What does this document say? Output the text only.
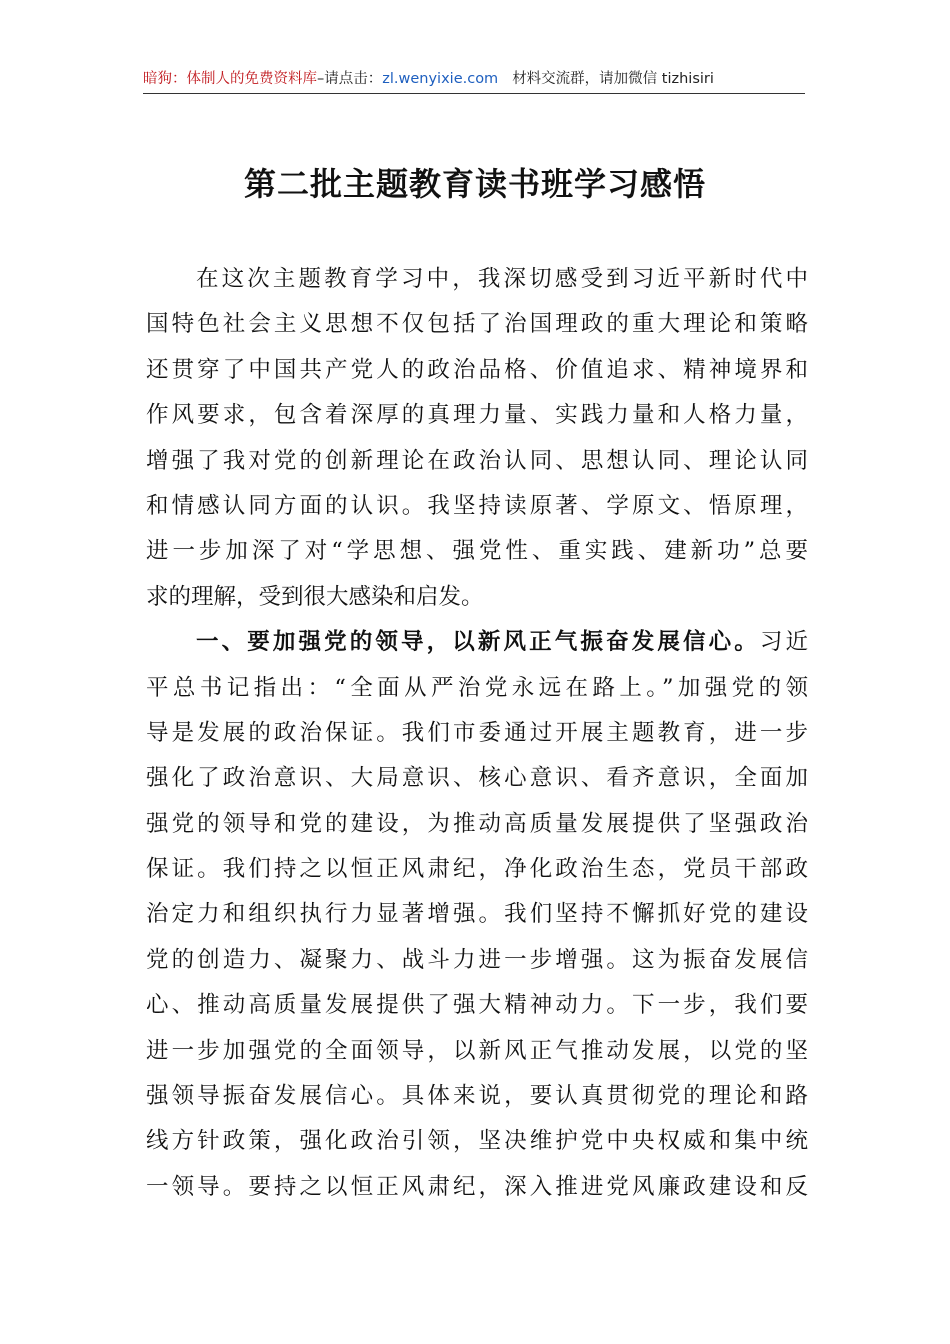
暗狗：体制人的免费资料库–请点击：zl.wenyixie.com 材料交流群，请加微信 tizhisiri
第二批主题教育读书班学习感悟
在这次主题教育学习中，我深切感受到习近平新时代中
国特色社会主义思想不仅包括了治国理政的重大理论和策略
还贯穿了中国共产党人的政治品格、价值追求、精神境界和
作风要求，包含着深厚的真理力量、实践力量和人格力量，
增强了我对党的创新理论在政治认同、思想认同、理论认同
和情感认同方面的认识。我坚持读原著、学原文、悟原理，
进一步加深了对“学思想、强党性、重实践、建新功”总要
求的理解，受到很大感染和启发。
一、要加强党的领导，以新风正气振奋发展信心。习近
平总书记指出：“全面从严治党永远在路上。”加强党的领
导是发展的政治保证。我们市委通过开展主题教育，进一步
强化了政治意识、大局意识、核心意识、看齐意识，全面加
强党的领导和党的建设，为推动高质量发展提供了坚强政治
保证。我们持之以恒正风肃纪，净化政治生态，党员干部政
治定力和组织执行力显著增强。我们坚持不懈抓好党的建设
党的创造力、凝聚力、战斗力进一步增强。这为振奋发展信
心、推动高质量发展提供了强大精神动力。下一步，我们要
进一步加强党的全面领导，以新风正气推动发展，以党的坚
强领导振奋发展信心。具体来说，要认真贯彻党的理论和路
线方针政策，强化政治引领，坚决维护党中央权威和集中统
一领导。要持之以恒正风肃纪，深入推进党风廉政建设和反
